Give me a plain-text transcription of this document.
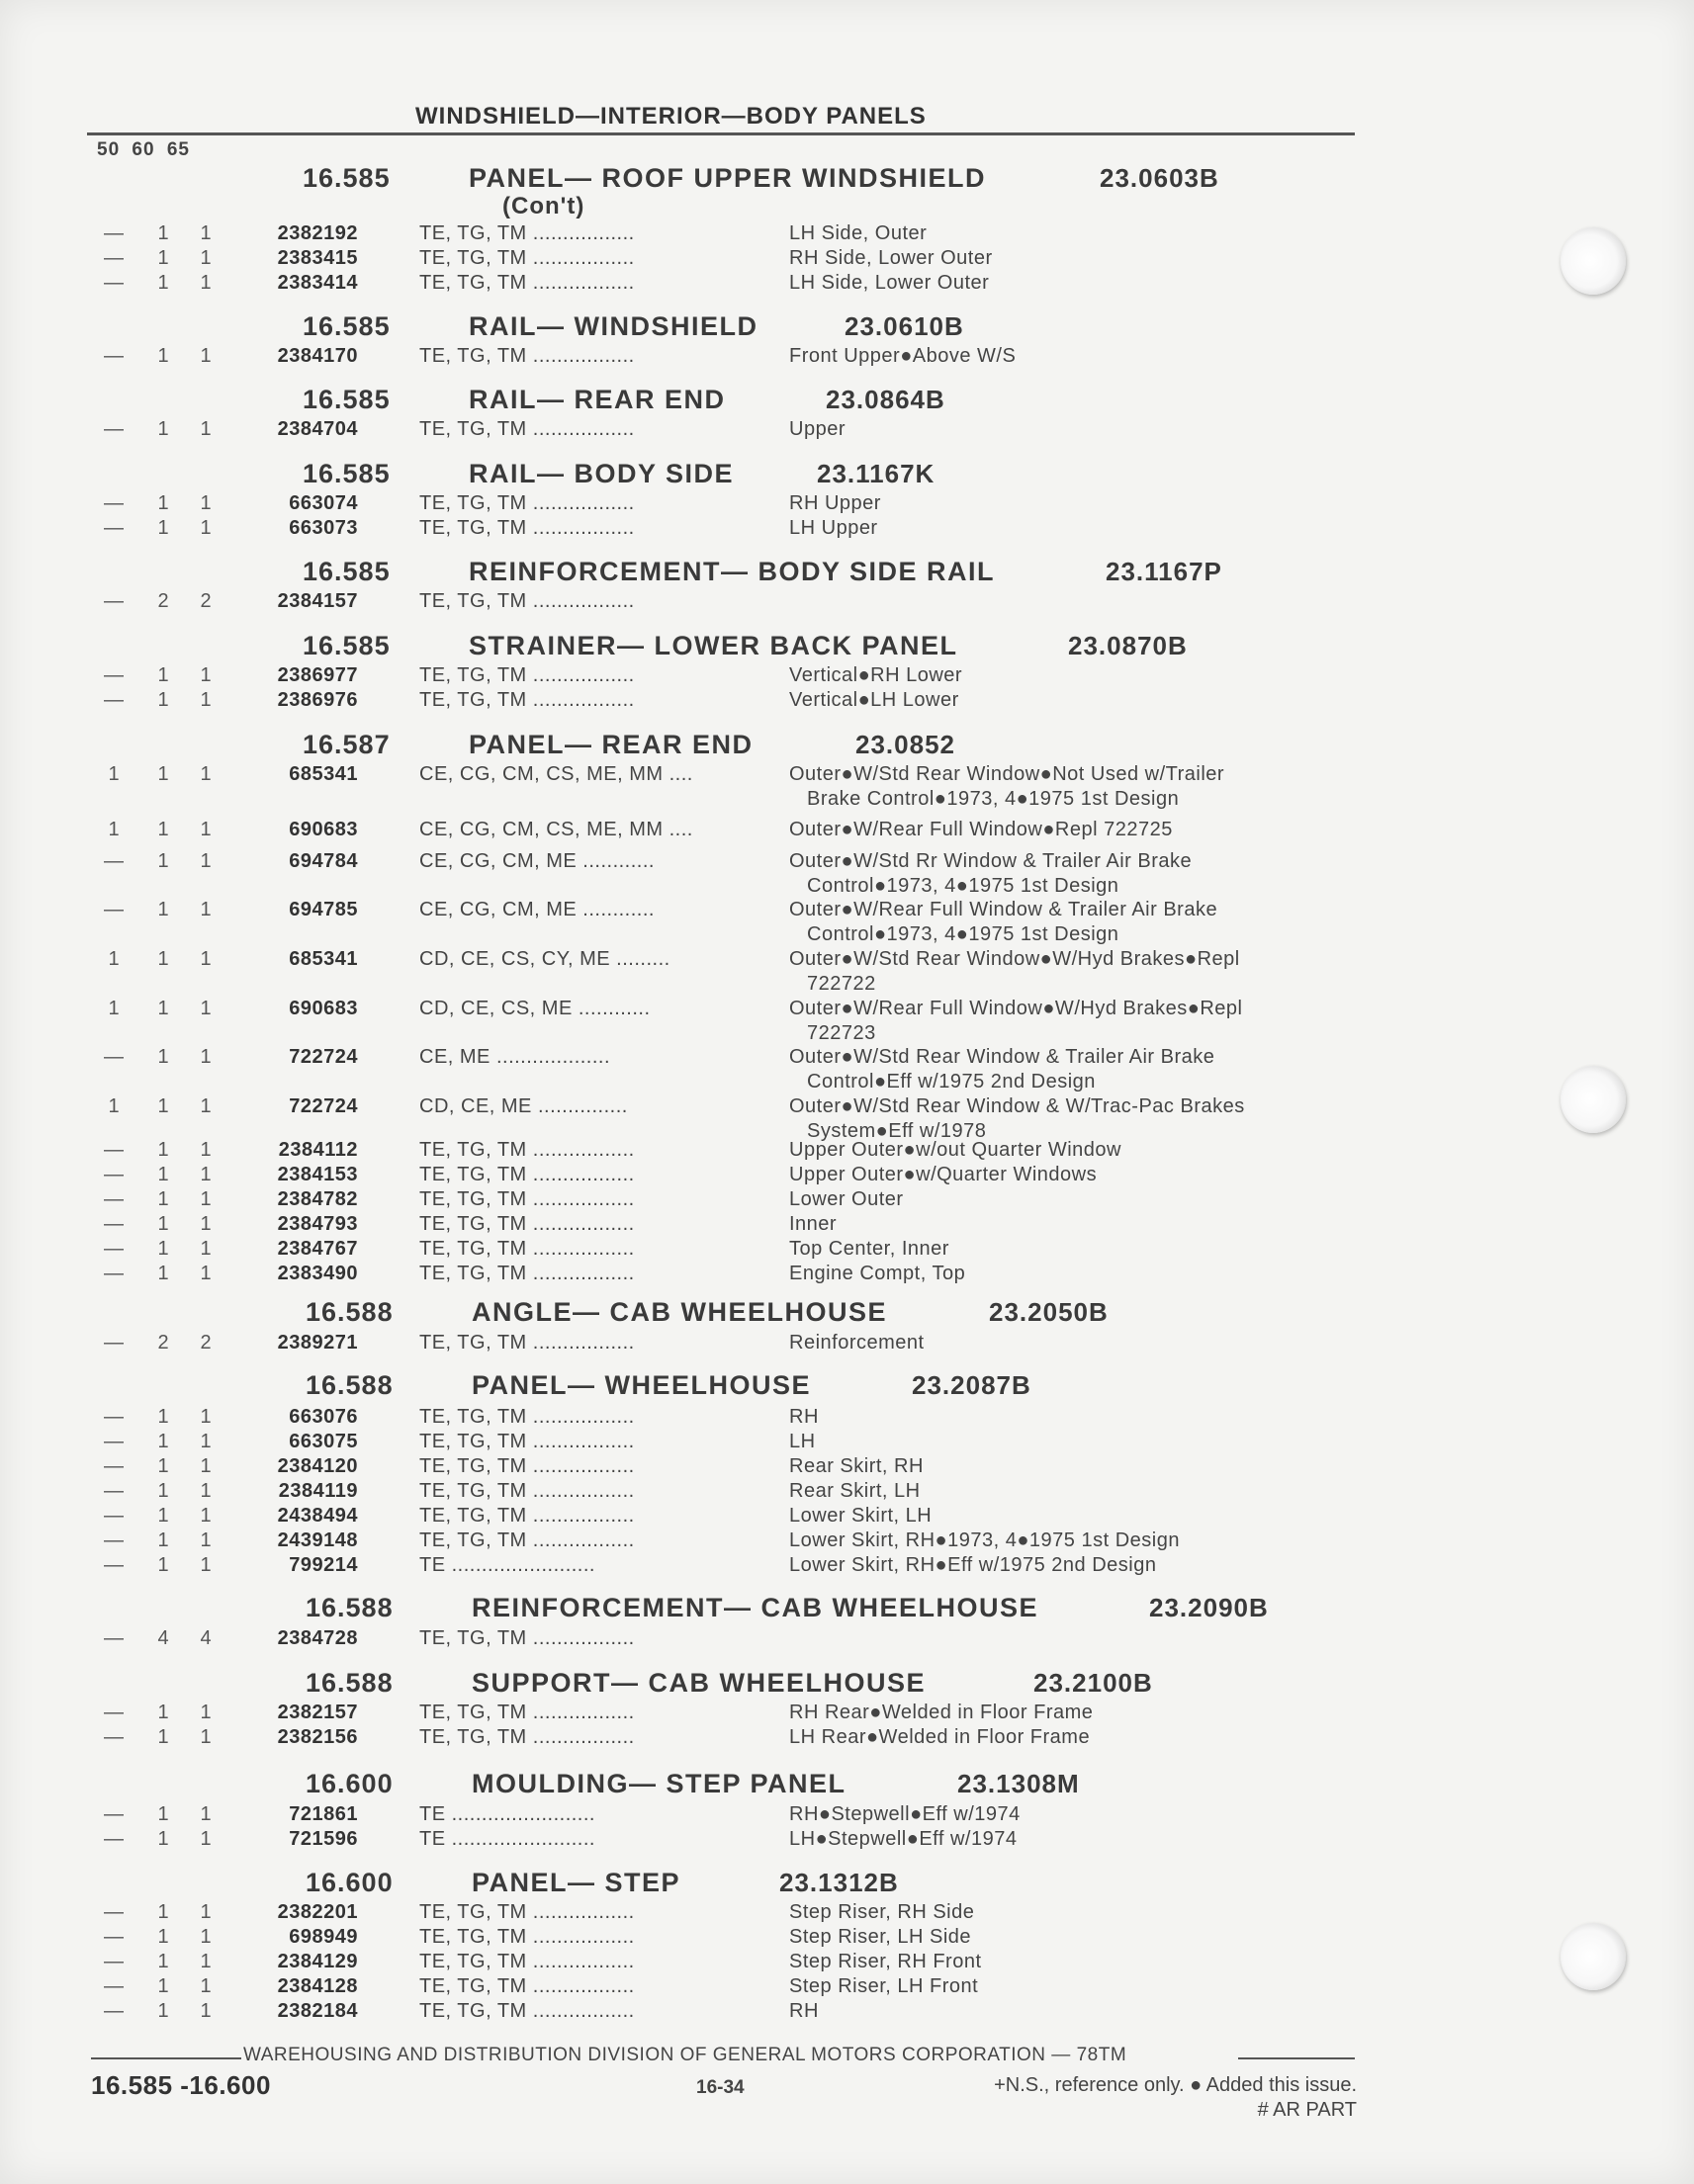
WINDSHIELD—INTERIOR—BODY PANELS
50 60 65
16.585	PANEL— ROOF UPPER WINDSHIELD
(Con't)
23.0603B
— 1 1	2382192	TE, TG, TM .................	LH Side, Outer
— 1 1	2383415	TE, TG, TM .................	RH Side, Lower Outer
— 1 1	2383414	TE, TG, TM .................	LH Side, Lower Outer
16.585	RAIL— WINDSHIELD	23.0610B
— 1 1	2384170	TE, TG, TM .................	Front Upper●Above W/S
16.585	RAIL— REAR END	23.0864B
— 1 1	2384704	TE, TG, TM .................	Upper
16.585	RAIL— BODY SIDE	23.1167K
— 1 1	663074	TE, TG, TM .................	RH Upper
— 1 1	663073	TE, TG, TM .................	LH Upper
16.585	REINFORCEMENT— BODY SIDE RAIL	23.1167P
— 2 2	2384157	TE, TG, TM .................
16.585	STRAINER— LOWER BACK PANEL	23.0870B
— 1 1	2386977	TE, TG, TM .................	Vertical●RH Lower
— 1 1	2386976	TE, TG, TM .................	Vertical●LH Lower
16.587	PANEL— REAR END	23.0852
1	1 1	685341	CE, CG, CM, CS, ME, MM ....	Outer●W/Std Rear Window●Not Used w/Trailer
Brake Control●1973, 4●1975 1st Design
1	1 1	690683	CE, CG, CM, CS, ME, MM ....	Outer●W/Rear Full Window●Repl 722725
— 1 1	694784	CE, CG, CM, ME ............	Outer●W/Std Rr Window & Trailer Air Brake
Control●1973, 4●1975 1st Design
— 1 1	694785	CE, CG, CM, ME ............	Outer●W/Rear Full Window & Trailer Air Brake
Control●1973, 4●1975 1st Design
1	1 1	685341	CD, CE, CS, CY, ME .........	Outer●W/Std Rear Window●W/Hyd Brakes●Repl
722722
1	1 1	690683	CD, CE, CS, ME ............	Outer●W/Rear Full Window●W/Hyd Brakes●Repl
722723
— 1 1	722724	CE, ME ...................	Outer●W/Std Rear Window & Trailer Air Brake
Control●Eff w/1975 2nd Design
1	1 1	722724	CD, CE, ME ...............	Outer●W/Std Rear Window & W/Trac-Pac Brakes
System●Eff w/1978
— 1 1	2384112	TE, TG, TM .................	Upper Outer●w/out Quarter Window
— 1 1	2384153	TE, TG, TM .................	Upper Outer●w/Quarter Windows
— 1 1	2384782	TE, TG, TM .................	Lower Outer
— 1 1	2384793	TE, TG, TM .................	Inner
— 1 1	2384767	TE, TG, TM .................	Top Center, Inner
— 1 1	2383490	TE, TG, TM .................	Engine Compt, Top
16.588	ANGLE— CAB WHEELHOUSE	23.2050B
— 2 2	2389271	TE, TG, TM .................	Reinforcement
16.588	PANEL— WHEELHOUSE	23.2087B
— 1 1	663076	TE, TG, TM .................	RH
— 1 1	663075	TE, TG, TM .................	LH
— 1 1	2384120	TE, TG, TM .................	Rear Skirt, RH
— 1 1	2384119	TE, TG, TM .................	Rear Skirt, LH
— 1 1	2438494	TE, TG, TM .................	Lower Skirt, LH
— 1 1	2439148	TE, TG, TM .................	Lower Skirt, RH●1973, 4●1975 1st Design
— 1 1	799214	TE ........................	Lower Skirt, RH●Eff w/1975 2nd Design
16.588	REINFORCEMENT— CAB WHEELHOUSE	23.2090B
— 4 4	2384728	TE, TG, TM .................
16.588	SUPPORT— CAB WHEELHOUSE	23.2100B
— 1 1	2382157	TE, TG, TM .................	RH Rear●Welded in Floor Frame
— 1 1	2382156	TE, TG, TM .................	LH Rear●Welded in Floor Frame
16.600	MOULDING— STEP PANEL	23.1308M
— 1 1	721861	TE ........................	RH●Stepwell●Eff w/1974
— 1 1	721596	TE ........................	LH●Stepwell●Eff w/1974
16.600	PANEL— STEP	23.1312B
— 1 1	2382201	TE, TG, TM .................	Step Riser, RH Side
— 1 1	698949	TE, TG, TM .................	Step Riser, LH Side
— 1 1	2384129	TE, TG, TM .................	Step Riser, RH Front
— 1 1	2384128	TE, TG, TM .................	Step Riser, LH Front
— 1 1	2382184	TE, TG, TM .................	RH
WAREHOUSING AND DISTRIBUTION DIVISION OF GENERAL MOTORS CORPORATION — 78TM
16.585 -16.600	16-34	+N.S., reference only. ● Added this issue.
# AR PART
